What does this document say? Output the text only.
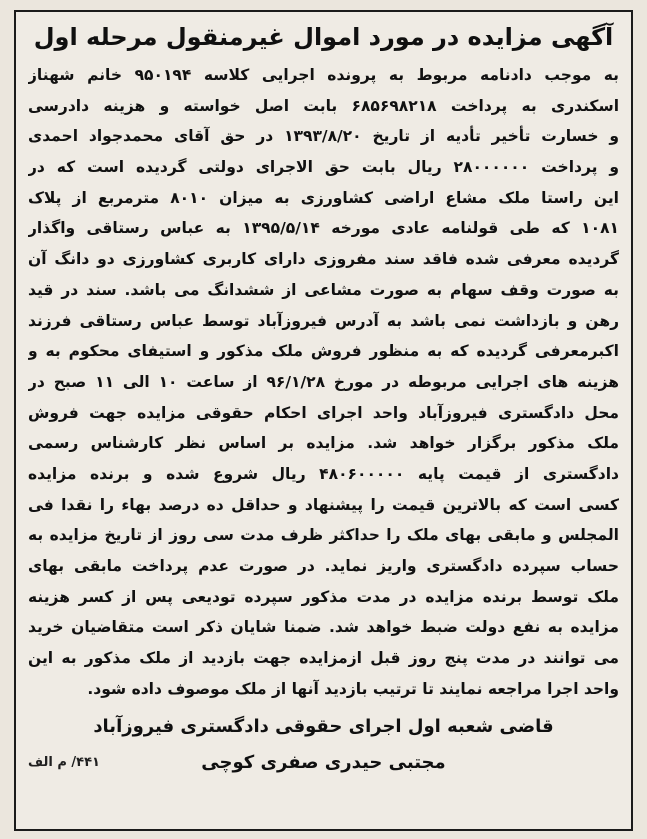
آگهی مزایده در مورد اموال غیرمنقول مرحله اول
به موجب دادنامه مربوط به پرونده اجرایی کلاسه ۹۵۰۱۹۴ خانم شهناز
اسکندری به پرداخت ۶۸۵۶۹۸۲۱۸ بابت اصل خواسته و هزینه دادرسی
و خسارت تأخیر تأدیه از تاریخ ۱۳۹۳/۸/۲۰ در حق آقای محمدجواد احمدی
و پرداخت ۲۸۰۰۰۰۰۰ ریال بابت حق الاجرای دولتی گردیده است که در
این راستا ملک مشاع اراضی کشاورزی به میزان ۸۰۱۰ مترمربع از پلاک
۱۰۸۱ که طی قولنامه عادی مورخه ۱۳۹۵/۵/۱۴ به عباس رستاقی واگذار
گردیده معرفی شده فاقد سند مفروزی دارای کاربری کشاورزی دو دانگ آن
به صورت وقف سهام به صورت مشاعی از ششدانگ می باشد. سند در قید
رهن و بازداشت نمی باشد به آدرس فیروزآباد توسط عباس رستاقی فرزند
اکبرمعرفی گردیده که به منظور فروش ملک مذکور و استیفای محکوم به و
هزینه های اجرایی مربوطه در مورخ ۹۶/۱/۲۸ از ساعت ۱۰ الی ۱۱ صبح در
محل دادگستری فیروزآباد واحد اجرای احکام حقوقی مزایده جهت فروش
ملک مذکور برگزار خواهد شد. مزایده بر اساس نظر کارشناس رسمی
دادگستری از قیمت پایه ۴۸۰۶۰۰۰۰۰ ریال شروع شده و برنده مزایده
کسی است که بالاترین قیمت را پیشنهاد و حداقل ده درصد بهاء را نقدا فی
المجلس و مابقی بهای ملک را حداکثر ظرف مدت سی روز از تاریخ مزایده به
حساب سپرده دادگستری واریز نماید. در صورت عدم پرداخت مابقی بهای
ملک توسط برنده مزایده در مدت مذکور سپرده تودیعی پس از کسر هزینه
مزایده به نفع دولت ضبط خواهد شد. ضمنا شایان ذکر است متقاضیان خرید
می توانند در مدت پنج روز قبل ازمزایده جهت بازدید از ملک مذکور به این
واحد اجرا مراجعه نمایند تا ترتیب بازدید آنها از ملک موصوف داده شود.
قاضی شعبه اول اجرای حقوقی دادگستری فیروزآباد
مجتبی حیدری صفری کوچی
۴۴۱/ م الف
